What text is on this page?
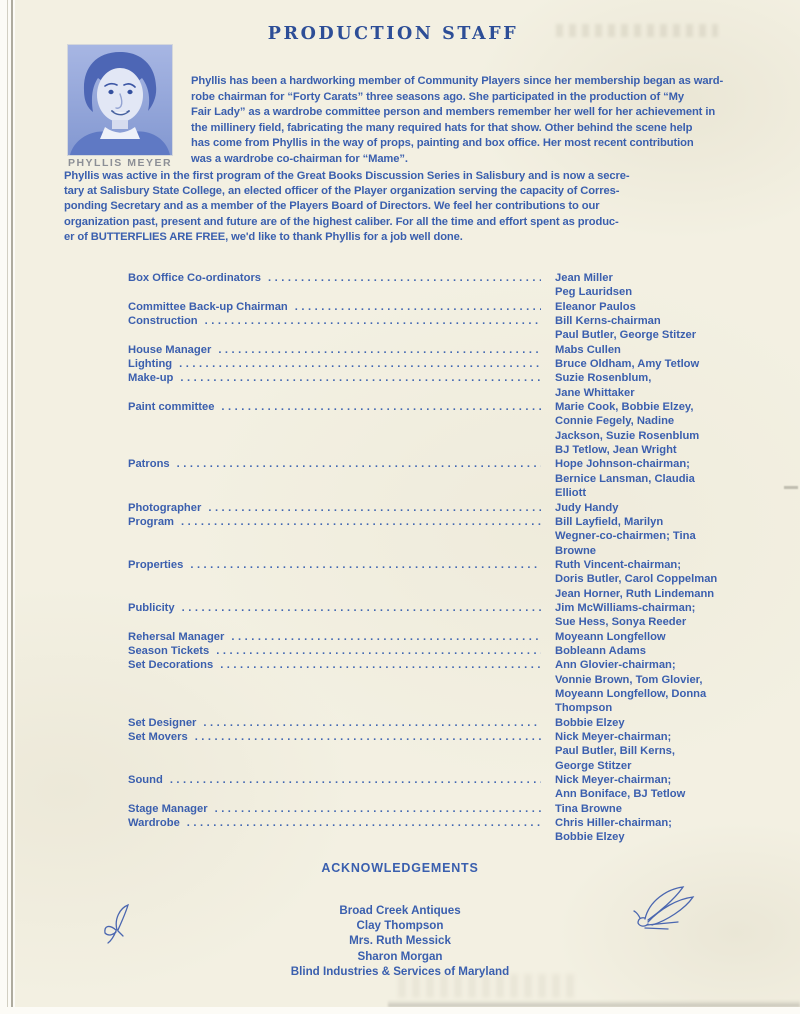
PRODUCTION STAFF
PHYLLIS MEYER
Phyllis has been a hardworking member of Community Players since her membership began as ward-
robe chairman for “Forty Carats” three seasons ago. She participated in the production of “My
Fair Lady” as a wardrobe committee person and members remember her well for her achievement in
the millinery field, fabricating the many required hats for that show. Other behind the scene help
has come from Phyllis in the way of props, painting and box office. Her most recent contribution
was a wardrobe co-chairman for “Mame”.
Phyllis was active in the first program of the Great Books Discussion Series in Salisbury and is now a secre-
tary at Salisbury State College, an elected officer of the Player organization serving the capacity of Corres-
ponding Secretary and as a member of the Players Board of Directors. We feel her contributions to our
organization past, present and future are of the highest caliber. For all the time and effort spent as produc-
er of BUTTERFLIES ARE FREE, we'd like to thank Phyllis for a job well done.
Box Office Co-ordinators .....	Jean Miller
Peg Lauridsen
Committee Back-up Chairman .....	Eleanor Paulos
Construction .....	Bill Kerns-chairman
Paul Butler, George Stitzer
House Manager .....	Mabs Cullen
Lighting .....	Bruce Oldham, Amy Tetlow
Make-up .....	Suzie Rosenblum,
Jane Whittaker
Paint committee .....	Marie Cook, Bobbie Elzey,
Connie Fegely, Nadine
Jackson, Suzie Rosenblum
BJ Tetlow, Jean Wright
Patrons .....	Hope Johnson-chairman;
Bernice Lansman, Claudia
Elliott
Photographer .....	Judy Handy
Program .....	Bill Layfield, Marilyn
Wegner-co-chairmen; Tina
Browne
Properties .....	Ruth Vincent-chairman;
Doris Butler, Carol Coppelman
Jean Horner, Ruth Lindemann
Publicity .....	Jim McWilliams-chairman;
Sue Hess, Sonya Reeder
Rehersal Manager .....	Moyeann Longfellow
Season Tickets .....	Bobleann Adams
Set Decorations .....	Ann Glovier-chairman;
Vonnie Brown, Tom Glovier,
Moyeann Longfellow, Donna
Thompson
Set Designer .....	Bobbie Elzey
Set Movers .....	Nick Meyer-chairman;
Paul Butler, Bill Kerns,
George Stitzer
Sound .....	Nick Meyer-chairman;
Ann Boniface, BJ Tetlow
Stage Manager .....	Tina Browne
Wardrobe .....	Chris Hiller-chairman;
Bobbie Elzey
ACKNOWLEDGEMENTS
Broad Creek Antiques
Clay Thompson
Mrs. Ruth Messick
Sharon Morgan
Blind Industries & Services of Maryland
